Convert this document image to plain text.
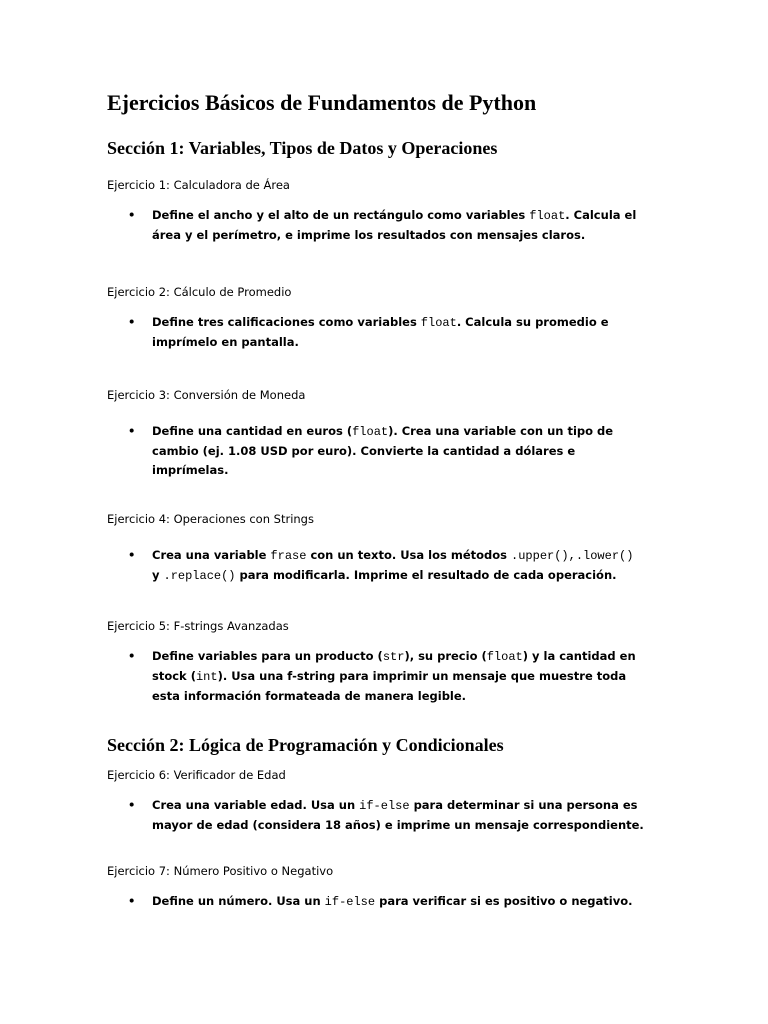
Ejercicios Básicos de Fundamentos de Python
Sección 1: Variables, Tipos de Datos y Operaciones
Ejercicio 1: Calculadora de Área
• Define el ancho y el alto de un rectángulo como variables float. Calcula el área y el perímetro, e imprime los resultados con mensajes claros.
Ejercicio 2: Cálculo de Promedio
• Define tres calificaciones como variables float. Calcula su promedio e imprímelo en pantalla.
Ejercicio 3: Conversión de Moneda
• Define una cantidad en euros (float). Crea una variable con un tipo de cambio (ej. 1.08 USD por euro). Convierte la cantidad a dólares e imprímelas.
Ejercicio 4: Operaciones con Strings
• Crea una variable frase con un texto. Usa los métodos .upper(),.lower()
y .replace() para modificarla. Imprime el resultado de cada operación.
Ejercicio 5: F-strings Avanzadas
• Define variables para un producto (str), su precio (float) y la cantidad en stock (int). Usa una f-string para imprimir un mensaje que muestre toda esta información formateada de manera legible.
Sección 2: Lógica de Programación y Condicionales
Ejercicio 6: Verificador de Edad
• Crea una variable edad. Usa un if-else para determinar si una persona es mayor de edad (considera 18 años) e imprime un mensaje correspondiente.
Ejercicio 7: Número Positivo o Negativo
• Define un número. Usa un if-else para verificar si es positivo o negativo.
